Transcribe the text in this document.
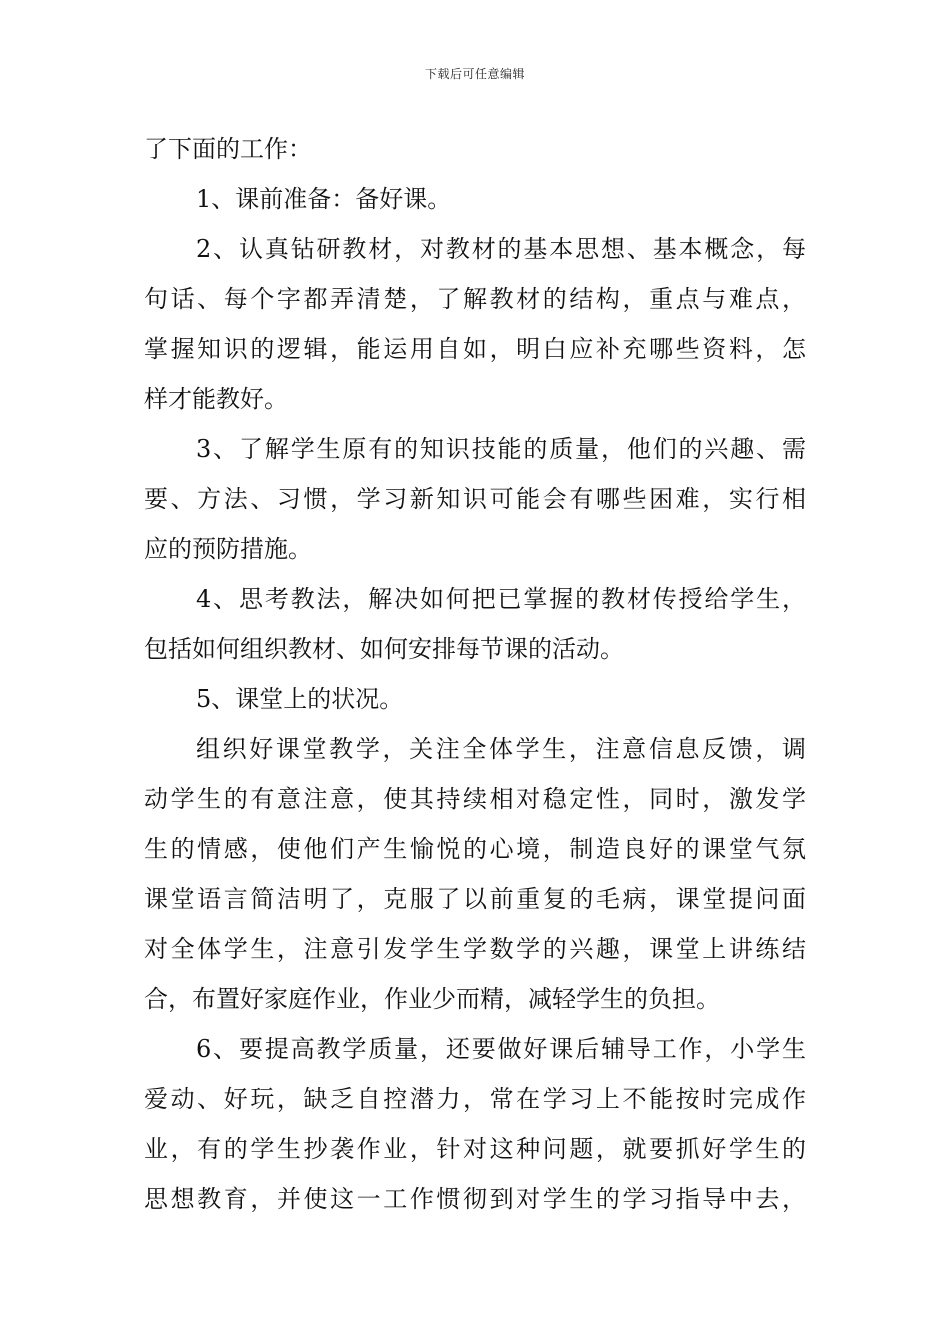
下载后可任意编辑
了下面的工作：
1、课前准备：备好课。
2、认真钻研教材，对教材的基本思想、基本概念，每
句话、每个字都弄清楚，了解教材的结构，重点与难点，
掌握知识的逻辑，能运用自如，明白应补充哪些资料，怎
样才能教好。
3、了解学生原有的知识技能的质量，他们的兴趣、需
要、方法、习惯，学习新知识可能会有哪些困难，实行相
应的预防措施。
4、思考教法，解决如何把已掌握的教材传授给学生，
包括如何组织教材、如何安排每节课的活动。
5、课堂上的状况。
组织好课堂教学，关注全体学生，注意信息反馈，调
动学生的有意注意，使其持续相对稳定性，同时，激发学
生的情感，使他们产生愉悦的心境，制造良好的课堂气氛
课堂语言简洁明了，克服了以前重复的毛病，课堂提问面
对全体学生，注意引发学生学数学的兴趣，课堂上讲练结
合，布置好家庭作业，作业少而精，减轻学生的负担。
6、要提高教学质量，还要做好课后辅导工作，小学生
爱动、好玩，缺乏自控潜力，常在学习上不能按时完成作
业，有的学生抄袭作业，针对这种问题，就要抓好学生的
思想教育，并使这一工作惯彻到对学生的学习指导中去，
